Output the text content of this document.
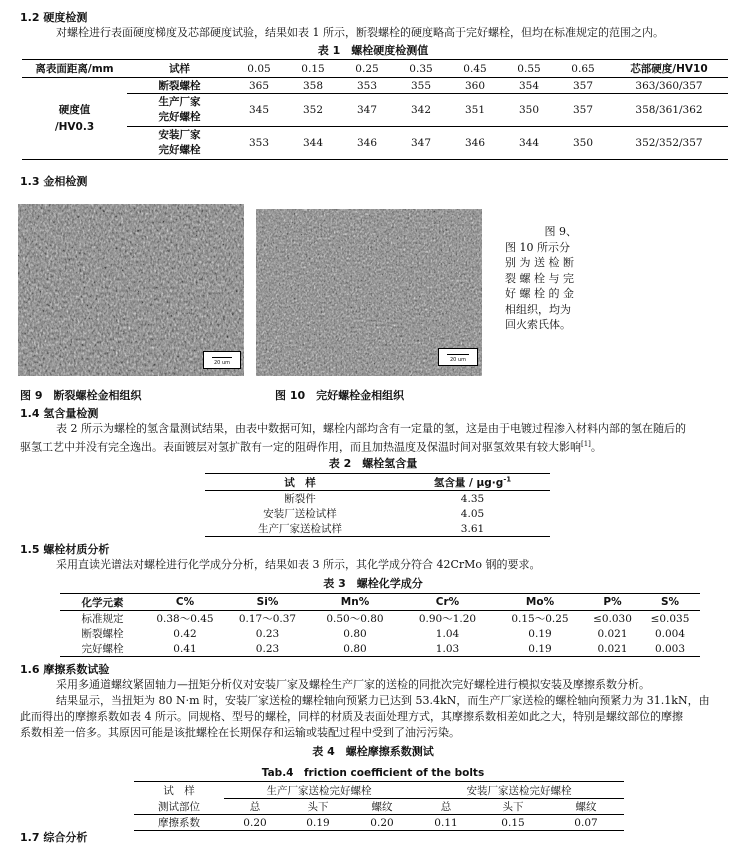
1.2 硬度检测
对螺栓进行表面硬度梯度及芯部硬度试验，结果如表 1 所示，断裂螺栓的硬度略高于完好螺栓，但均在标准规定的范围之内。
表 1　螺栓硬度检测值
离表面距离/mm	试样	0.05	0.15	0.25	0.35	0.45	0.55	0.65	芯部硬度/HV10

硬度值
/HV0.3	断裂螺栓	365	358	353	355	360	354	357	363/360/357

	生产厂家
完好螺栓	345	352	347	342	351	350	357	358/361/362

	安装厂家
完好螺栓	353	344	346	347	346	344	350	352/352/357
1.3 金相检测
20 um	20 um
图 9、
图 10 所示分
别 为 送 检 断
裂 螺 栓 与 完
好 螺 栓 的 金
相组织，均为
回火索氏体。
图 9　断裂螺栓金相组织	图 10　完好螺栓金相组织
1.4 氢含量检测
表 2 所示为螺栓的氢含量测试结果，由表中数据可知，螺栓内部均含有一定量的氢，这是由于电镀过程渗入材料内部的氢在随后的
驱氢工艺中并没有完全逸出。表面镀层对氢扩散有一定的阻碍作用，而且加热温度及保温时间对驱氢效果有较大影响[1]。
表 2　螺栓氢含量
试　样	氢含量 / $\mu g\cdot g^{-1}$
断裂件	4.35
安装厂送检试样	4.05
生产厂家送检试样	3.61
1.5 螺栓材质分析
采用直读光谱法对螺栓进行化学成分分析，结果如表 3 所示，其化学成分符合 42CrMo 钢的要求。
表 3　螺栓化学成分
化学元素	C%	Si%	Mn%	Cr%	Mo%	P%	S%
标准规定	0.38～0.45	0.17～0.37	0.50～0.80	0.90～1.20	0.15～0.25	≤0.030	≤0.035
断裂螺栓	0.42	0.23	0.80	1.04	0.19	0.021	0.004
完好螺栓	0.41	0.23	0.80	1.03	0.19	0.021	0.003
1.6 摩擦系数试验
采用多通道螺纹紧固轴力—扭矩分析仪对安装厂家及螺栓生产厂家的送检的同批次完好螺栓进行模拟安装及摩擦系数分析。
结果显示，当扭矩为 80 N·m 时，安装厂家送检的螺栓轴向预紧力已达到 53.4kN，而生产厂家送检的螺栓轴向预紧力为 31.1kN，由
此而得出的摩擦系数如表 4 所示。同规格、型号的螺栓，同样的材质及表面处理方式，其摩擦系数相差如此之大，特别是螺纹部位的摩擦
系数相差一倍多。其原因可能是该批螺栓在长期保存和运输或装配过程中受到了油污污染。
表 4　螺栓摩擦系数测试
Tab.4　friction coefficient of the bolts
试　样	生产厂家送检完好螺栓			安装厂家送检完好螺栓		
测试部位	总	头下	螺纹	总	头下	螺纹
摩擦系数	0.20	0.19	0.20	0.11	0.15	0.07
1.7 综合分析
